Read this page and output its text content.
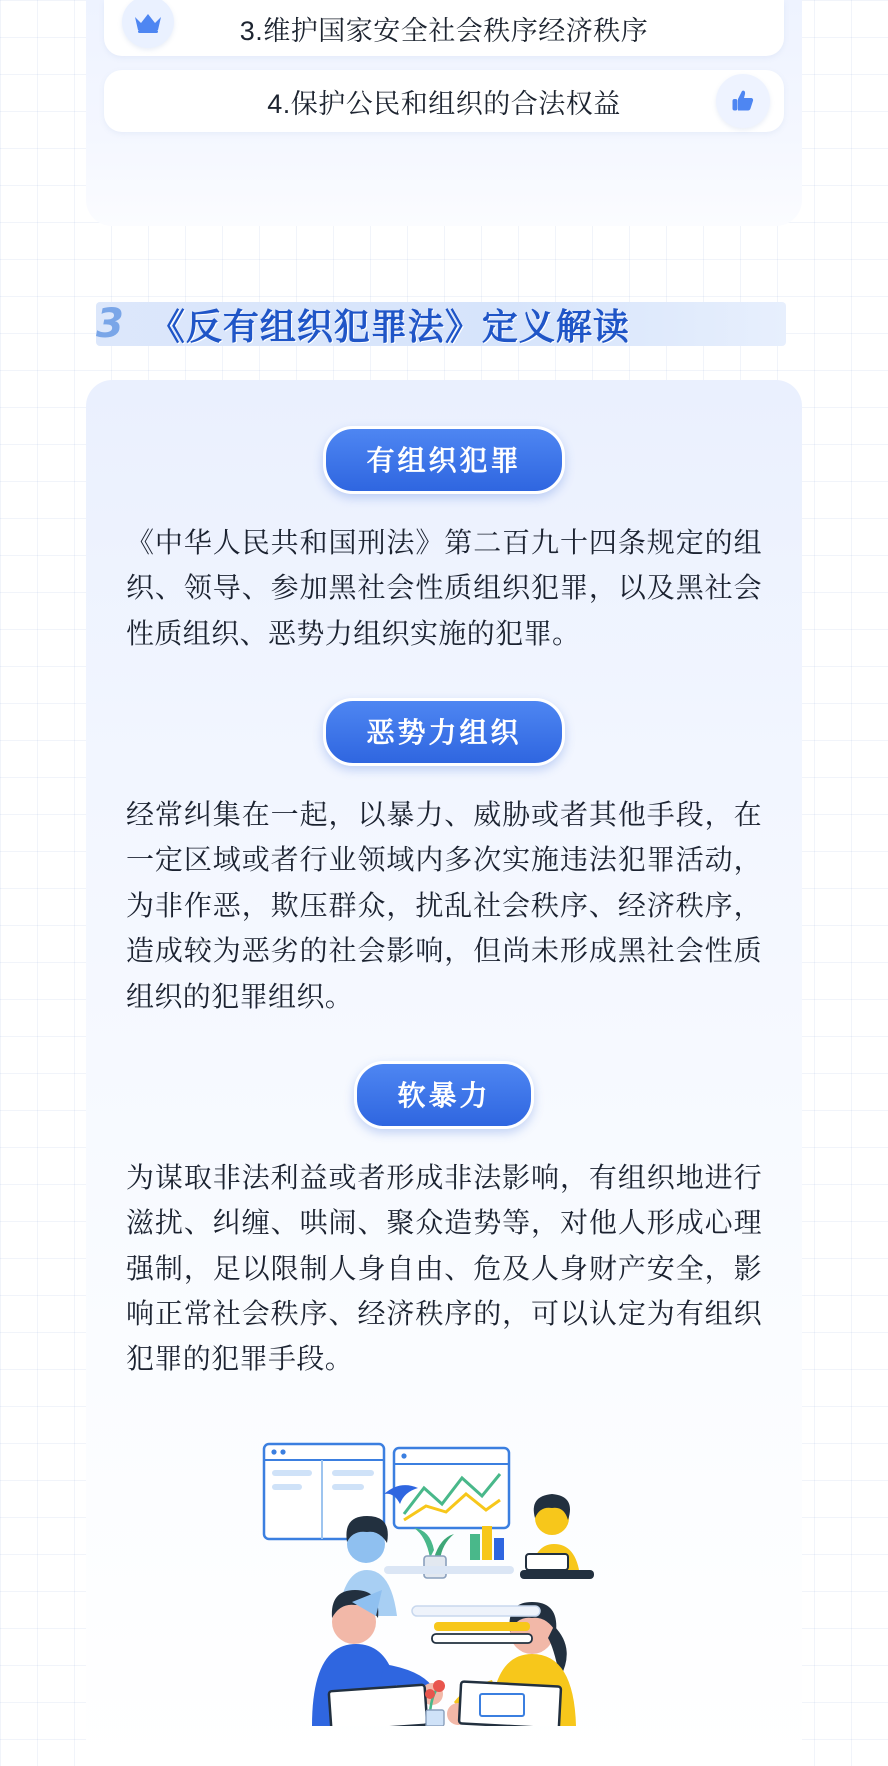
3.维护国家安全社会秩序经济秩序
4.保护公民和组织的合法权益
3 《反有组织犯罪法》定义解读
有组织犯罪

《中华人民共和国刑法》第二百九十四条规定的组织、领导、参加黑社会性质组织犯罪，以及黑社会性质组织、恶势力组织实施的犯罪。

恶势力组织

经常纠集在一起，以暴力、威胁或者其他手段，在一定区域或者行业领域内多次实施违法犯罪活动，为非作恶，欺压群众，扰乱社会秩序、经济秩序，造成较为恶劣的社会影响，但尚未形成黑社会性质组织的犯罪组织。

软暴力

为谋取非法利益或者形成非法影响，有组织地进行滋扰、纠缠、哄闹、聚众造势等，对他人形成心理强制，足以限制人身自由、危及人身财产安全，影响正常社会秩序、经济秩序的，可以认定为有组织犯罪的犯罪手段。
